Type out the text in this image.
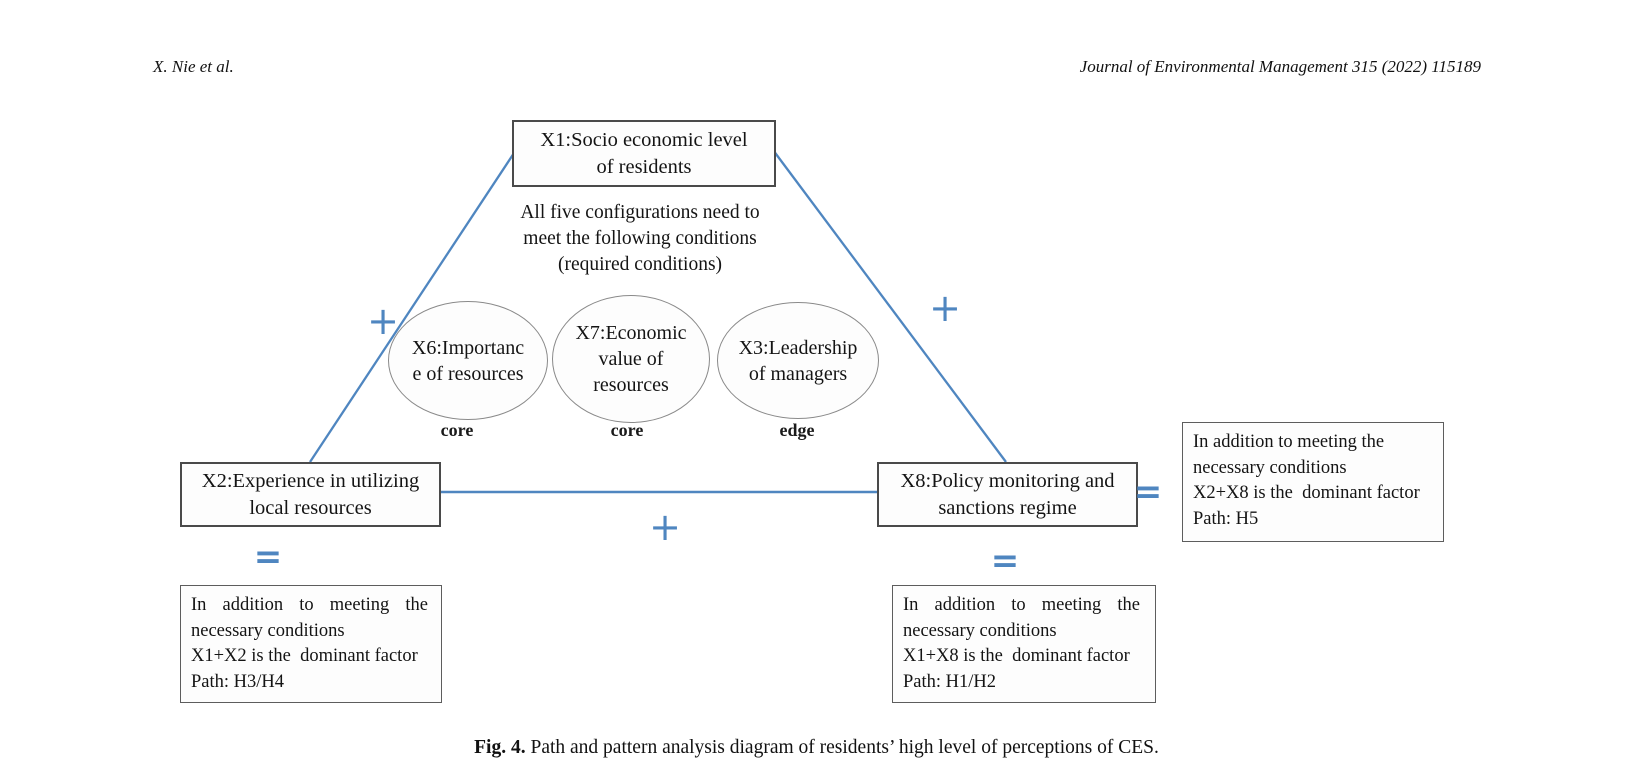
X. Nie et al.	Journal of Environmental Management 315 (2022) 115189
X1:Socio economic level
of residents
All five configurations need to
meet the following conditions
(required conditions)
X6:Importanc
e of resources
X7:Economic
value of
resources
X3:Leadership
of managers
core	core	edge
X2:Experience in utilizing
local resources
X8:Policy monitoring and
sanctions regime
In addition to meeting the
necessary conditions
X2+X8 is the  dominant factor
Path: H5
In addition to meeting the
necessary conditions
X1+X2 is the  dominant factor
Path: H3/H4
In addition to meeting the
necessary conditions
X1+X8 is the  dominant factor
Path: H1/H2
+	+
+
=
=
=
Fig. 4. Path and pattern analysis diagram of residents’ high level of perceptions of CES.
